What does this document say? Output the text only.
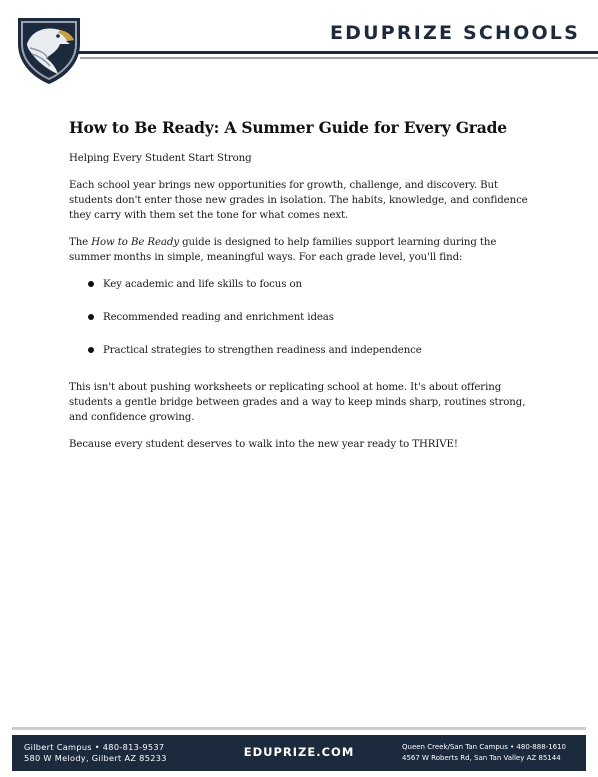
EDUPRIZE SCHOOLS
How to Be Ready: A Summer Guide for Every Grade

Helping Every Student Start Strong

Each school year brings new opportunities for growth, challenge, and discovery. But students don't enter those new grades in isolation. The habits, knowledge, and confidence they carry with them set the tone for what comes next.

The How to Be Ready guide is designed to help families support learning during the summer months in simple, meaningful ways. For each grade level, you'll find:

Key academic and life skills to focus on
Recommended reading and enrichment ideas
Practical strategies to strengthen readiness and independence

This isn't about pushing worksheets or replicating school at home. It's about offering students a gentle bridge between grades and a way to keep minds sharp, routines strong, and confidence growing.

Because every student deserves to walk into the new year ready to THRIVE!

Gilbert Campus • 480-813-9537
580 W Melody, Gilbert AZ 85233	EDUPRIZE.COM	Queen Creek/San Tan Campus • 480-888-1610
4567 W Roberts Rd, San Tan Valley AZ 85144
